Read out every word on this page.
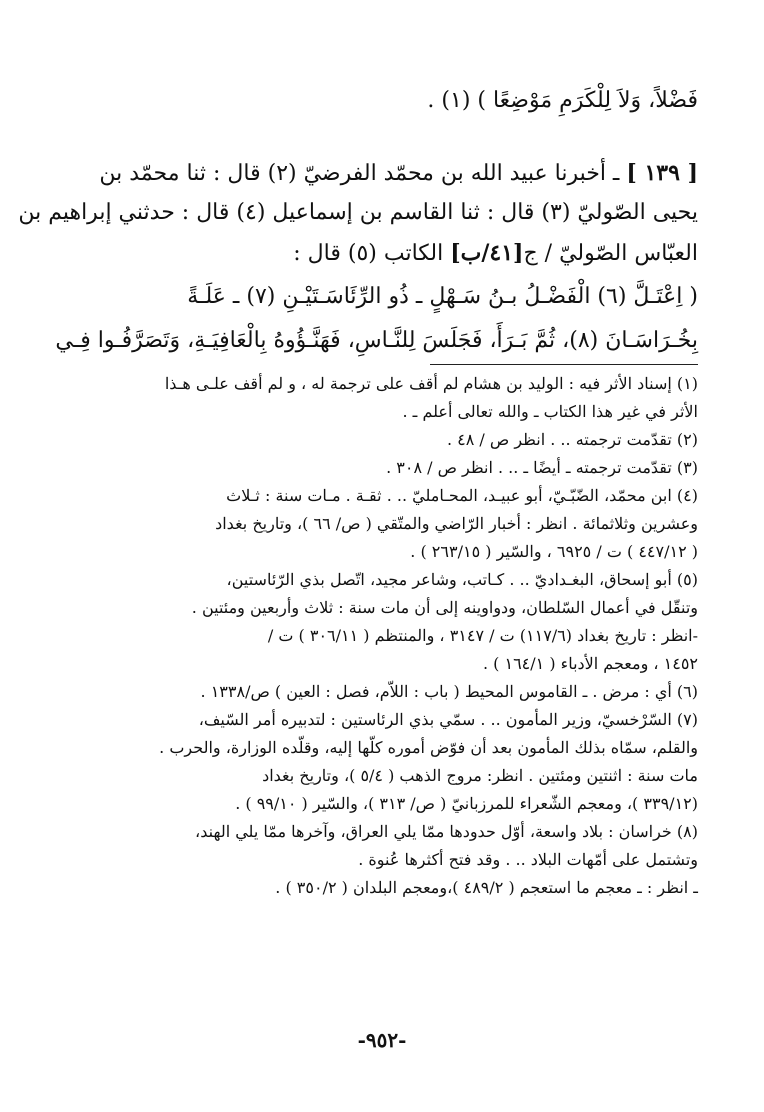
فَضْلاً، وَلاَ لِلْكَرَمِ مَوْضِعًا ) (١) .
[ ١٣٩ ] ـ أخبرنا عبيد الله بن محمّد الفرضيّ (٢) قال : ثنا محمّد بن
يحيى الصّوليّ (٣) قال : ثنا القاسم بن إسماعيل (٤) قال : حدثني إبراهيم بن
العبّاس الصّوليّ / ج[٤١/ب] الكاتب (٥) قال :
( اِعْتَـلَّ (٦) الْفَضْـلُ بـنُ سَـهْلٍ ـ ذُو الرِّئَاسَـتَيْـنِ (٧) ـ عَلَـةً
بِخُـرَاسَـانَ (٨)، ثُمَّ بَـرَأَ، فَجَلَسَ لِلنَّـاسِ، فَهَنَّـؤُوهُ بِالْعَافِيَـةِ، وَتَصَرَّفُـوا فِـي
(١) إسناد الأثر فيه : الوليد بن هشام لم أقف على ترجمة له ، و لم أقف علـى هـذا
الأثر في غير هذا الكتاب ـ والله تعالى أعلم ـ .
(٢) تقدّمت ترجمته .. . انظر ص / ٤٨ .
(٣) تقدّمت ترجمته ـ أيضًا ـ .. . انظر ص / ٣٠٨ .
(٤) ابن محمّد، الضّبّـيّ، أبو عبيـد، المحـامليّ .. . ثقـة . مـات سنة : ثـلاث
وعشرين وثلاثمائة . انظر : أخبار الرّاضي والمتّقي ( ص/ ٦٦ )، وتاريخ بغداد
( ٤٤٧/١٢ ) ت / ٦٩٢٥ ، والسّير ( ٢٦٣/١٥ ) .
(٥) أبو إسحاق، البغـداديّ .. . كـاتب، وشاعر مجيد، اتّصل بذي الرّئاستين،
وتنقّل في أعمال السّلطان، ودواوينه إلى أن مات سنة : ثلاث وأربعين ومئتين .
-انظر : تاريخ بغداد (١١٧/٦) ت / ٣١٤٧ ، والمنتظم ( ٣٠٦/١١ ) ت /
١٤٥٢ ، ومعجم الأدباء ( ١٦٤/١ ) .
(٦) أي : مرض . ـ القاموس المحيط ( باب : اللاّم، فصل : العين ) ص/١٣٣٨ .
(٧) السّرْخسيّ، وزير المأمون .. . سمّي بذي الرئاستين : لتدبيره أمر السّيف،
والقلم، سمّاه بذلك المأمون بعد أن فوّض أموره كلّها إليه، وقلّده الوزارة، والحرب .
مات سنة : اثنتين ومئتين . انظر: مروج الذهب ( ٥/٤ )، وتاريخ بغداد
(٣٣٩/١٢ )، ومعجم الشّعراء للمرزبانيّ ( ص/ ٣١٣ )، والسّير ( ٩٩/١٠ ) .
(٨) خراسان : بلاد واسعة، أوّل حدودها ممّا يلي العراق، وآخرها ممّا يلي الهند،
وتشتمل على أمّهات البلاد .. . وقد فتح أكثرها عُنوة .
ـ انظر : ـ معجم ما استعجم ( ٤٨٩/٢ )،ومعجم البلدان ( ٣٥٠/٢ ) .
-٩٥٢-
